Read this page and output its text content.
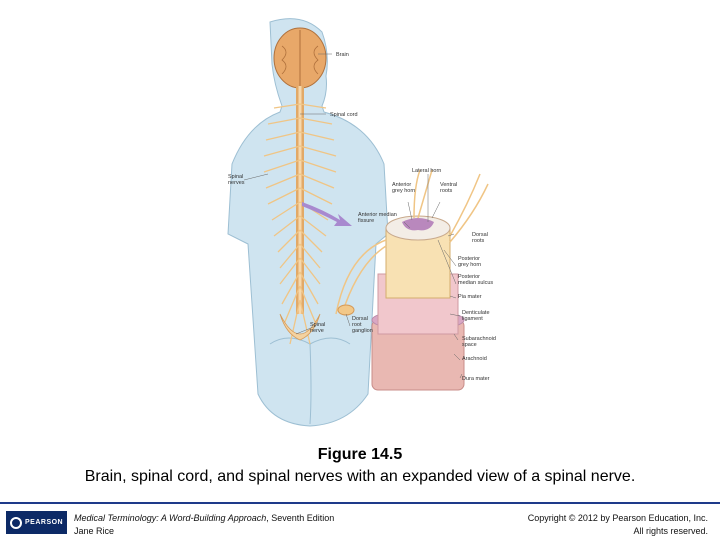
Brain
Spinal cord
Spinal
nerves
Spinal
nerve
Lateral horn
Anterior
grey horn
Ventral
roots
Anterior median
fissure
Dorsal
roots
Posterior
grey horn
Posterior
median sulcus
Pia mater
Denticulate
ligament
Dorsal
root
ganglion
Subarachnoid
space
Arachnoid
Dura mater
Figure 14.5
Brain, spinal cord, and spinal nerves with an expanded view of a spinal nerve.
PEARSON Medical Terminology: A Word-Building Approach, Seventh Edition
Jane Rice
Copyright © 2012 by Pearson Education, Inc.
All rights reserved.
